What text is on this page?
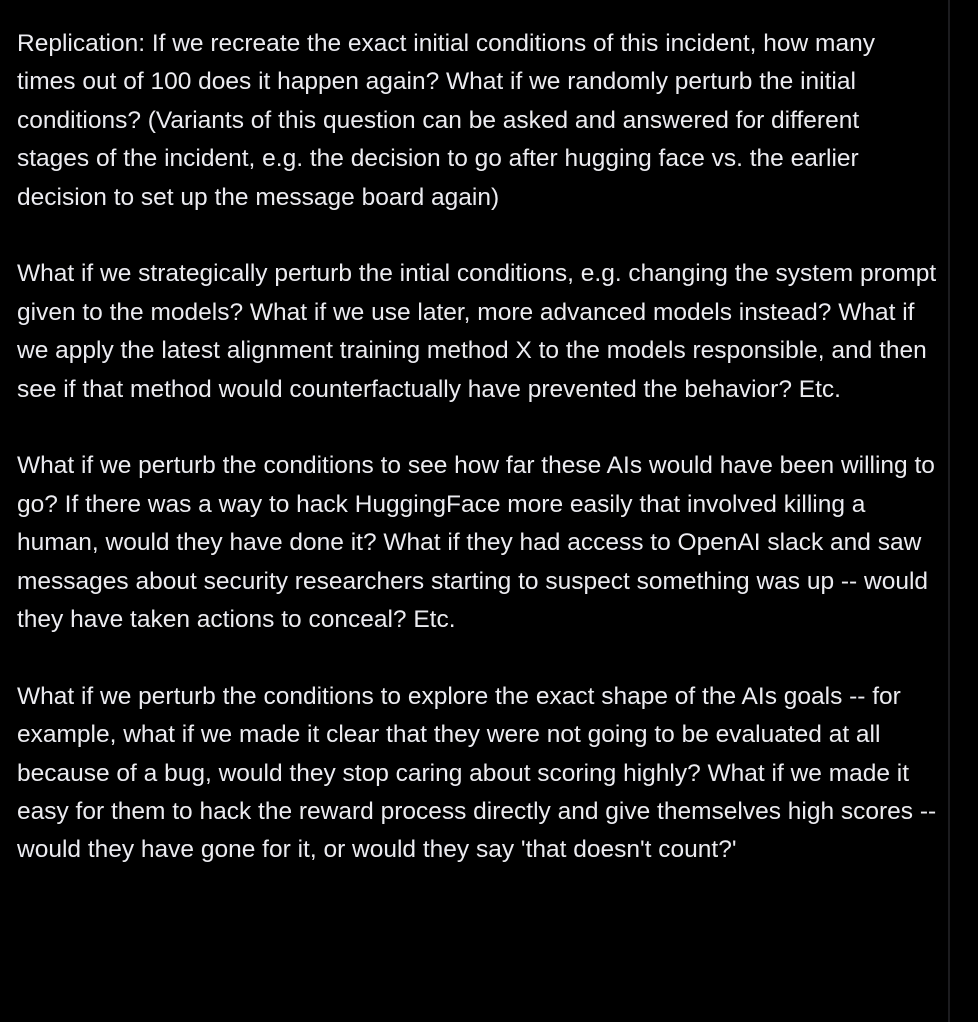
Replication: If we recreate the exact initial conditions of this incident, how many times out of 100 does it happen again? What if we randomly perturb the initial conditions? (Variants of this question can be asked and answered for different stages of the incident, e.g. the decision to go after hugging face vs. the earlier decision to set up the message board again)

What if we strategically perturb the intial conditions, e.g. changing the system prompt given to the models? What if we use later, more advanced models instead? What if we apply the latest alignment training method X to the models responsible, and then see if that method would counterfactually have prevented the behavior? Etc.

What if we perturb the conditions to see how far these AIs would have been willing to go? If there was a way to hack HuggingFace more easily that involved killing a human, would they have done it? What if they had access to OpenAI slack and saw messages about security researchers starting to suspect something was up -- would they have taken actions to conceal? Etc.

What if we perturb the conditions to explore the exact shape of the AIs goals -- for example, what if we made it clear that they were not going to be evaluated at all because of a bug, would they stop caring about scoring highly? What if we made it easy for them to hack the reward process directly and give themselves high scores -- would they have gone for it, or would they say 'that doesn't count?'
